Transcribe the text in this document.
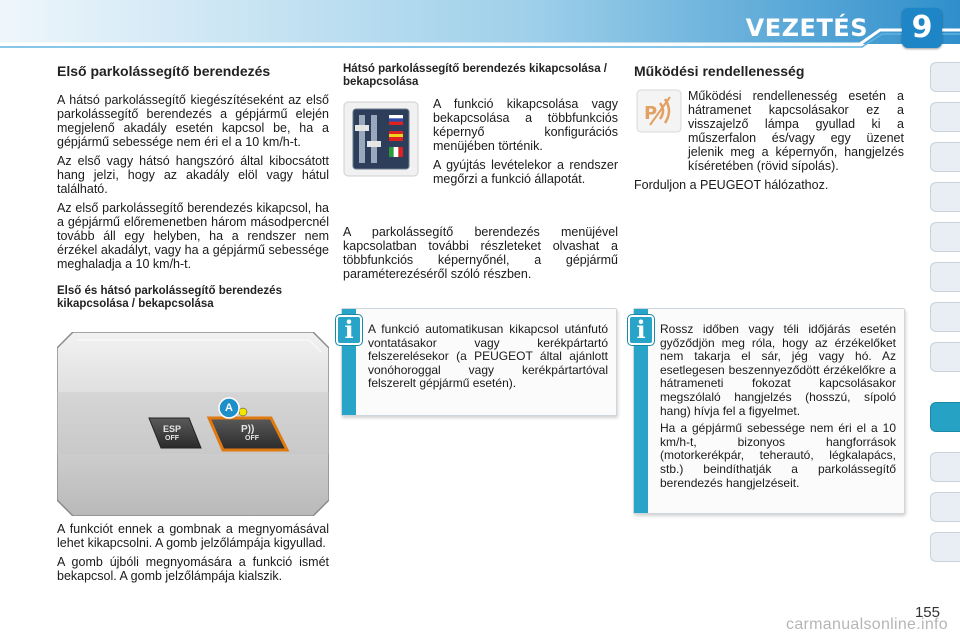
VEZETÉS	9
Első parkolássegítő berendezés

A hátsó parkolássegítő kiegészítéseként az első parkolássegítő berendezés a gépjármű elején megjelenő akadály esetén kapcsol be, ha a gépjármű sebessége nem éri el a 10 km/h-t.

Az első vagy hátsó hangszóró által kibocsátott hang jelzi, hogy az akadály elöl vagy hátul található.

Az első parkolássegítő berendezés kikapcsol, ha a gépjármű előremenetben három másodpercnél tovább áll egy helyben, ha a rendszer nem érzékel akadályt, vagy ha a gépjármű sebessége meghaladja a 10 km/h-t.

Első és hátsó parkolássegítő berendezés kikapcsolása / bekapcsolása
ESP
OFF
P))
OFF
A

A funkciót ennek a gombnak a megnyomásával lehet kikapcsolni. A gomb jelzőlámpája kigyullad.

A gomb újbóli megnyomására a funkció ismét bekapcsol. A gomb jelzőlámpája kialszik.

Hátsó parkolássegítő berendezés kikapcsolása / bekapcsolása

A funkció kikapcsolása vagy bekapcsolása a többfunkciós képernyő konfigurációs menüjében történik.

A gyújtás levételekor a rendszer megőrzi a funkció állapotát.

A parkolássegítő berendezés menüjével kapcsolatban további részleteket olvashat a többfunkciós képernyőnél, a gépjármű paraméterezéséről szóló részben.

i	A funkció automatikusan kikapcsol utánfutó vontatásakor vagy kerékpártartó felszerelésekor (a PEUGEOT által ajánlott vonóhoroggal vagy kerékpártartóval felszerelt gépjármű esetén).

Működési rendellenesség
P

Működési rendellenesség esetén a hátramenet kapcsolásakor ez a visszajelző lámpa gyullad ki a műszerfalon és/vagy egy üzenet jelenik meg a képernyőn, hangjelzés kíséretében (rövid sípolás).

Forduljon a PEUGEOT hálózathoz.

i	Rossz időben vagy téli időjárás esetén győződjön meg róla, hogy az érzékelőket nem takarja el sár, jég vagy hó. Az esetlegesen beszennyeződött érzékelőkre a hátrameneti fokozat kapcsolásakor megszólaló hangjelzés (hosszú, sípoló hang) hívja fel a figyelmet.

Ha a gépjármű sebessége nem éri el a 10 km/h-t, bizonyos hangforrások (motorkerékpár, teherautó, légkalapács, stb.) beindíthatják a parkolássegítő berendezés hangjelzéseit.

155
carmanualsonline.info
